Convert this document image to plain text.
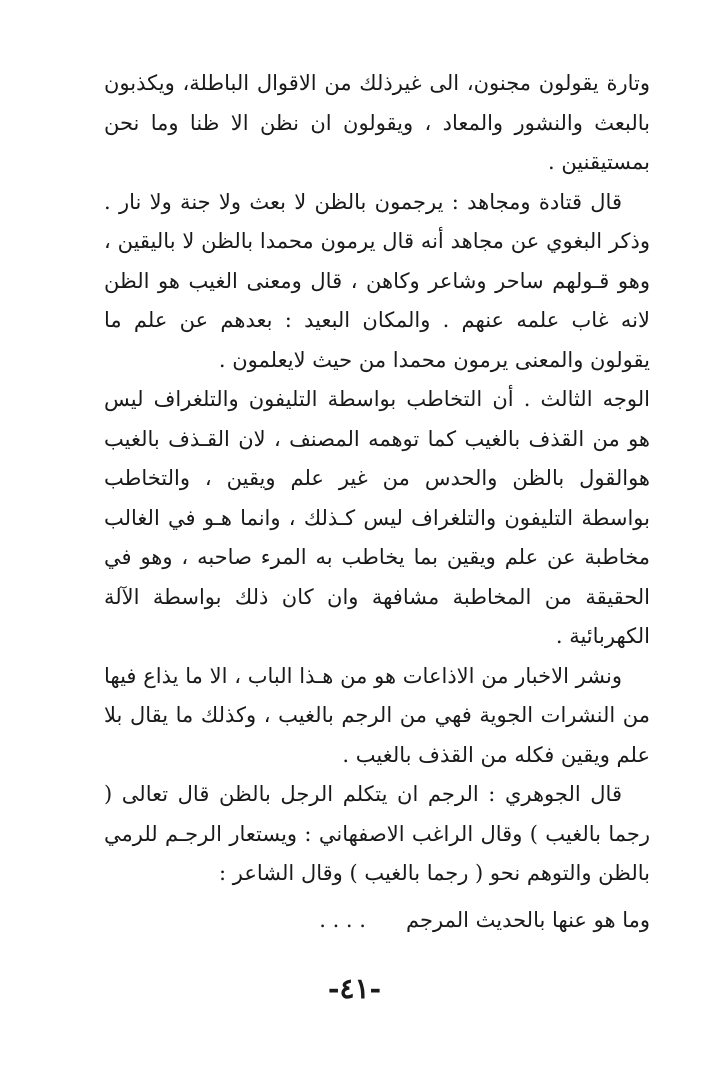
وتارة يقولون مجنون، الى غيرذلك من الاقوال الباطلة، ويكذبون بالبعث والنشور والمعاد ، ويقولون ان نظن الا ظنا وما نحن بمستيقنين .

قال قتادة ومجاهد : يرجمون بالظن لا بعث ولا جنة ولا نار . وذكر البغوي عن مجاهد أنه قال يرمون محمدا بالظن لا باليقين ، وهو قـولهم ساحر وشاعر وكاهن ، قال ومعنى الغيب هو الظن لانه غاب علمه عنهم . والمكان البعيد : بعدهم عن علم ما يقولون والمعنى يرمون محمدا من حيث لايعلمون .

الوجه الثالث . أن التخاطب بواسطة التليفون والتلغراف ليس هو من القذف بالغيب كما توهمه المصنف ، لان القـذف بالغيب هوالقول بالظن والحدس من غير علم ويقين ، والتخاطب بواسطة التليفون والتلغراف ليس كـذلك ، وانما هـو في الغالب مخاطبة عن علم ويقين بما يخاطب به المرء صاحبه ، وهو في الحقيقة من المخاطبة مشافهة وان كان ذلك بواسطة الآلة الكهربائية .

ونشر الاخبار من الاذاعات هو من هـذا الباب ، الا ما يذاع فيها من النشرات الجوية فهي من الرجم بالغيب ، وكذلك ما يقال بلا علم ويقين فكله من القذف بالغيب .

قال الجوهري : الرجم ان يتكلم الرجل بالظن قال تعالى ( رجما بالغيب ) وقال الراغب الاصفهاني : ويستعار الرجـم للرمي بالظن والتوهم نحو ( رجما بالغيب ) وقال الشاعر :

وما هو عنها بالحديث المرجم      . . . .

-٤١-
